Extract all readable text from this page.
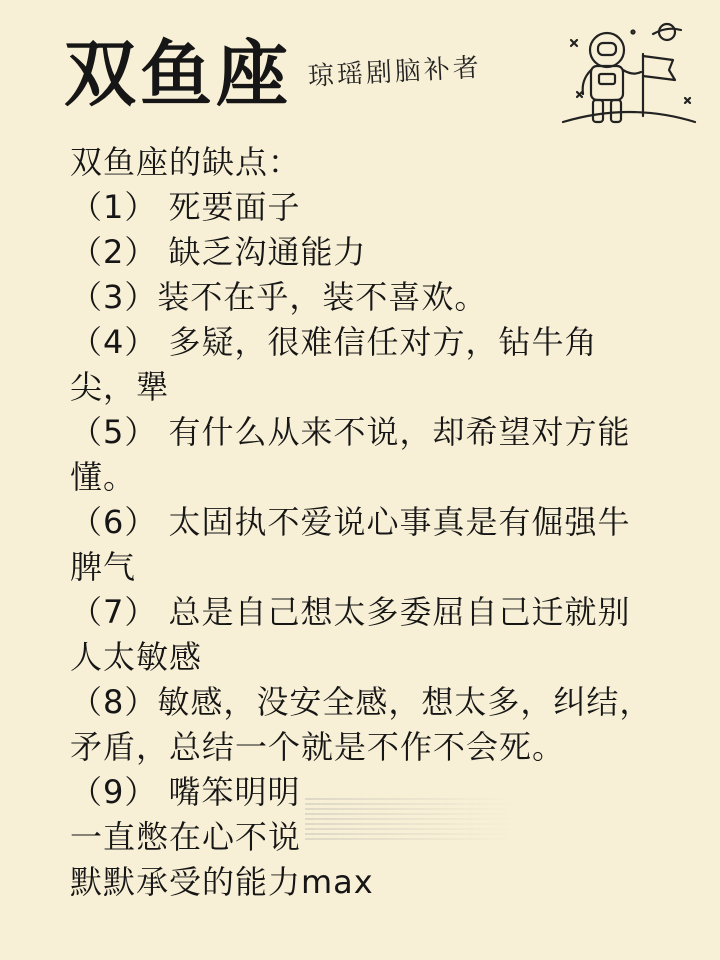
双鱼座 琼瑶剧脑补者

双鱼座的缺点：

（1） 死要面子

（2） 缺乏沟通能力

（3）装不在乎，装不喜欢。

（4） 多疑，很难信任对方，钻牛角尖，犟

（5） 有什么从来不说，却希望对方能懂。

（6） 太固执不爱说心事真是有倔强牛脾气

（7） 总是自己想太多委屈自己迁就别人太敏感

（8）敏感，没安全感，想太多，纠结，矛盾，总结一个就是不作不会死。

（9） 嘴笨明明

一直憋在心不说

默默承受的能力max
